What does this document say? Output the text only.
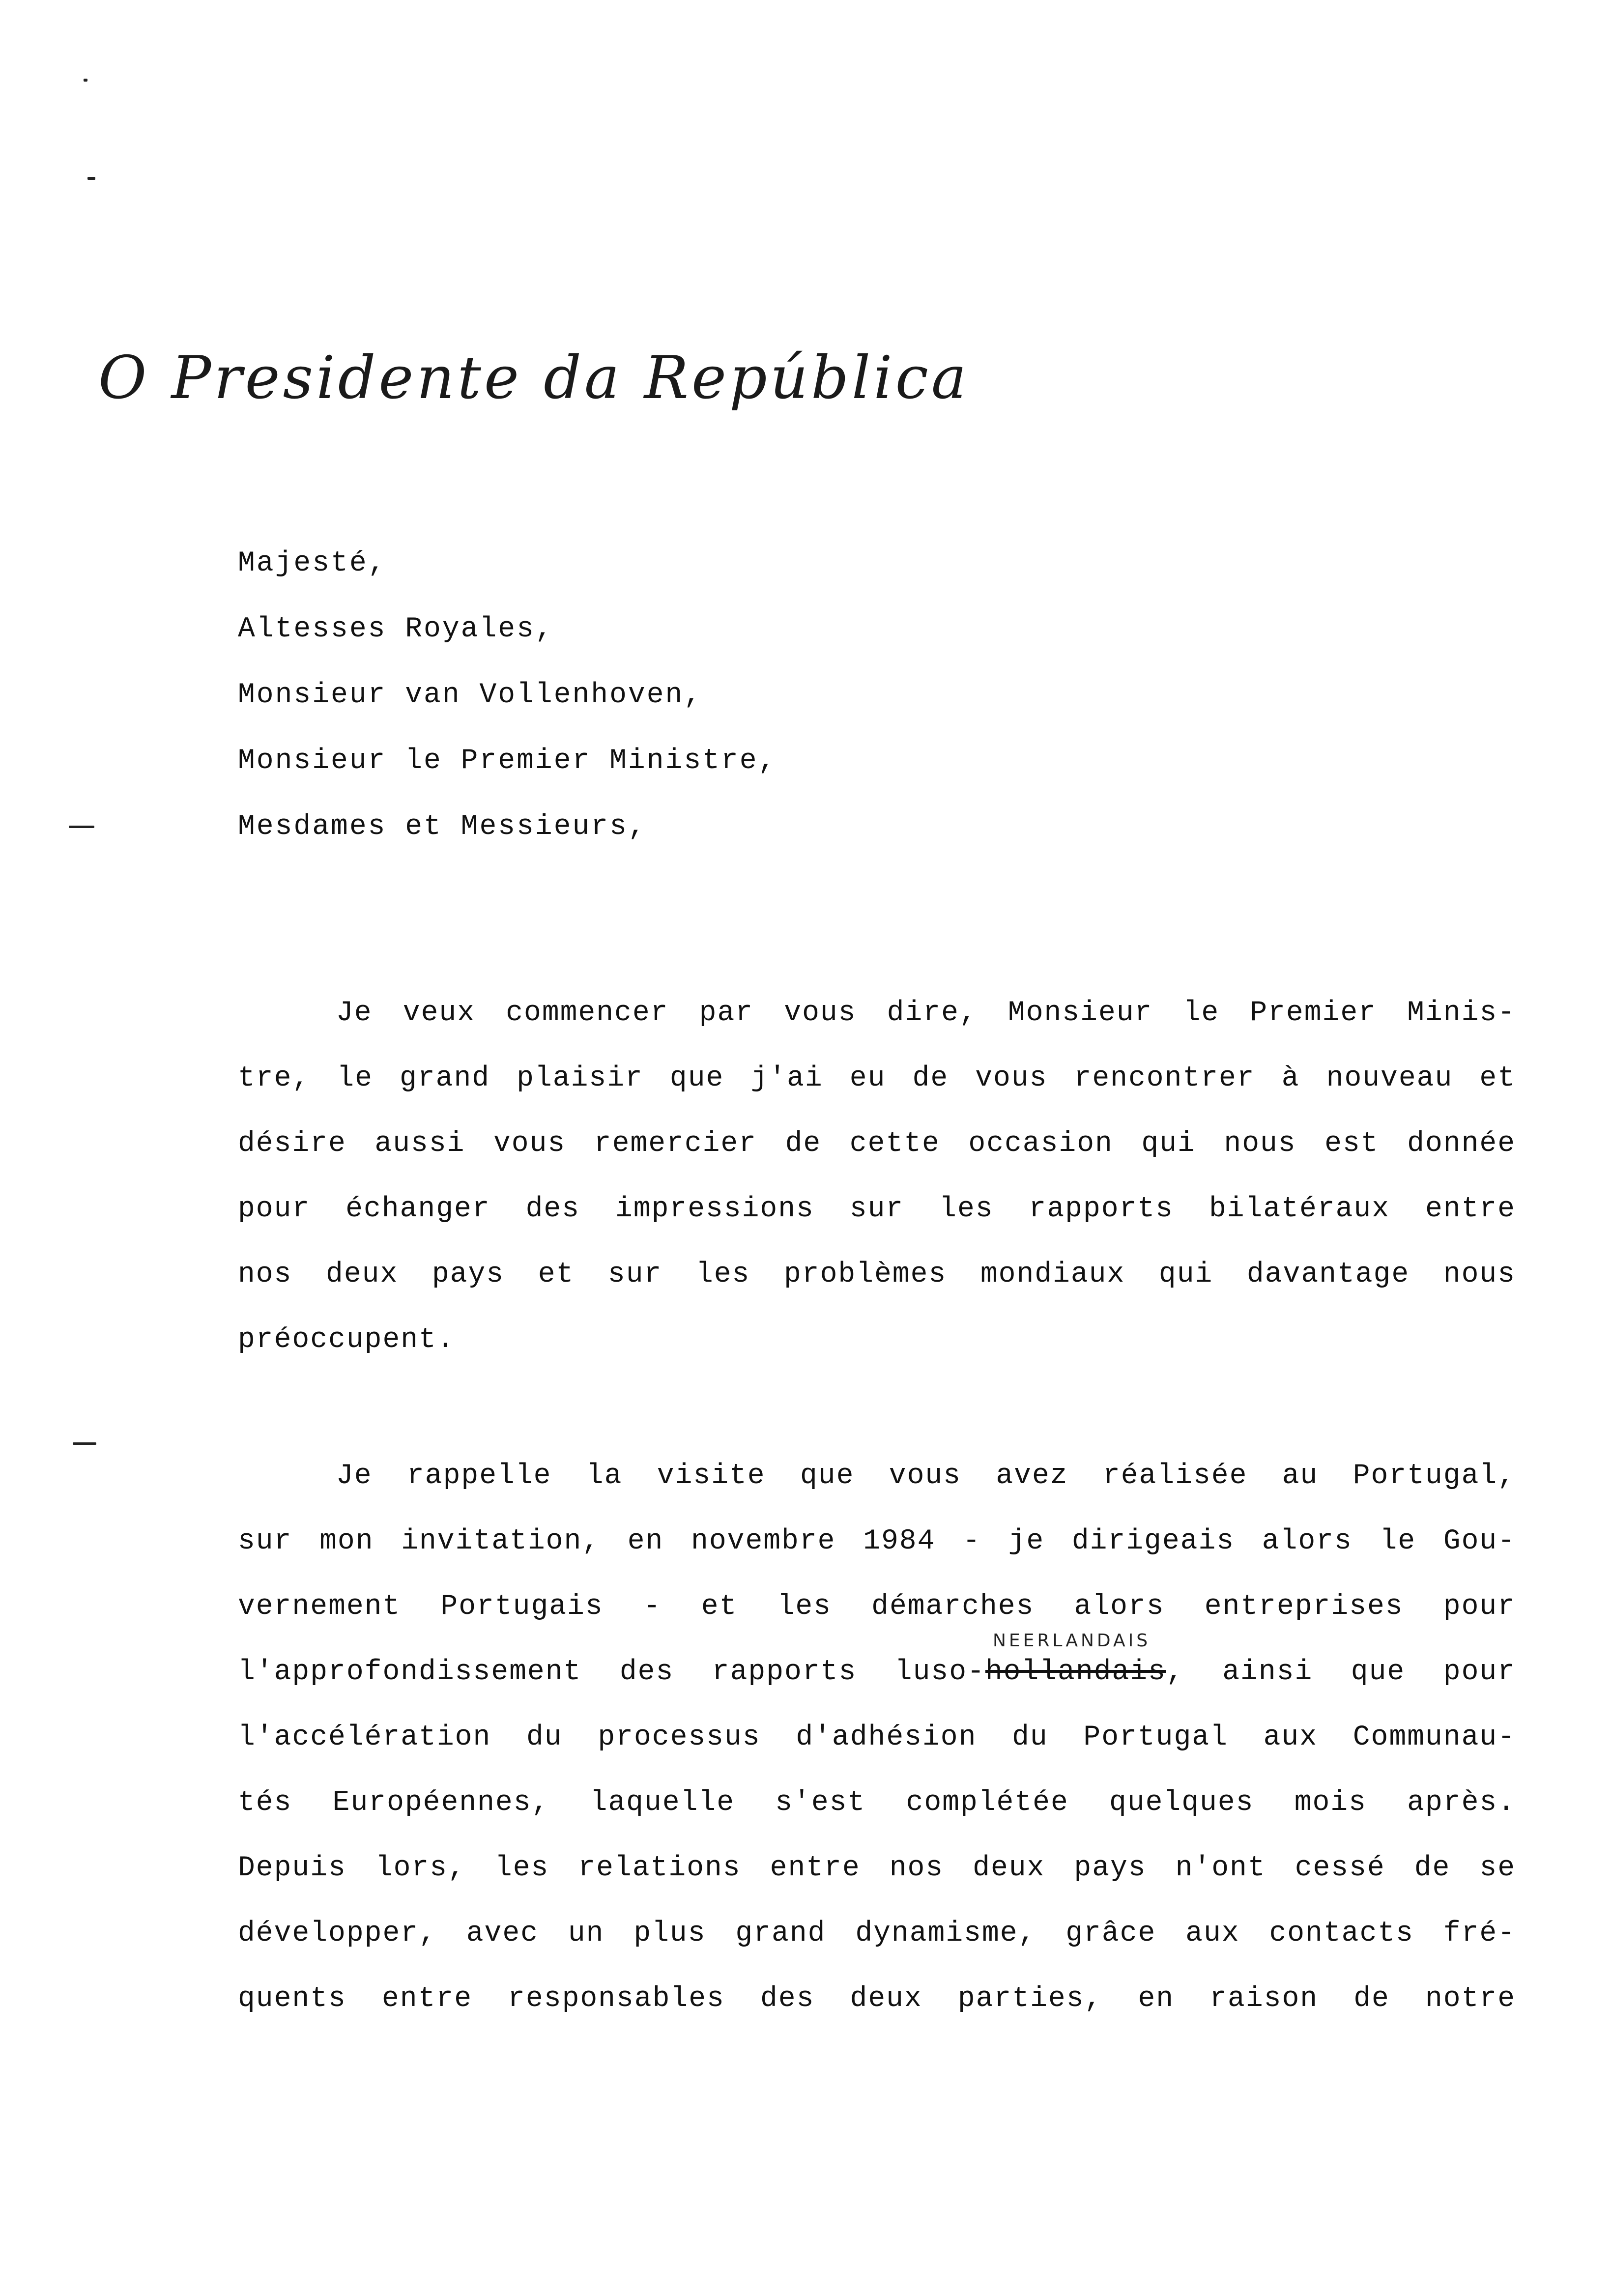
O Presidente da República
Majesté,
Altesses Royales,
Monsieur van Vollenhoven,
Monsieur le Premier Ministre,
Mesdames et Messieurs,
Je veux commencer par vous dire, Monsieur le Premier Minis-
tre, le grand plaisir que j'ai eu de vous rencontrer à nouveau et
désire aussi vous remercier de cette occasion qui nous est donnée
pour échanger des impressions sur les rapports bilatéraux entre
nos deux pays et sur les problèmes mondiaux qui davantage nous
préoccupent.
Je rappelle la visite que vous avez réalisée au Portugal,
sur mon invitation, en novembre 1984 - je dirigeais alors le Gou-
vernement Portugais - et les démarches alors entreprises pour
l'approfondissement des rapports luso-hollandais, ainsi que pour
l'accélération du processus d'adhésion du Portugal aux Communau-
tés Européennes, laquelle s'est complétée quelques mois après.
Depuis lors, les relations entre nos deux pays n'ont cessé de se
développer, avec un plus grand dynamisme, grâce aux contacts fré-
quents entre responsables des deux parties, en raison de notre
NEERLANDAIS
